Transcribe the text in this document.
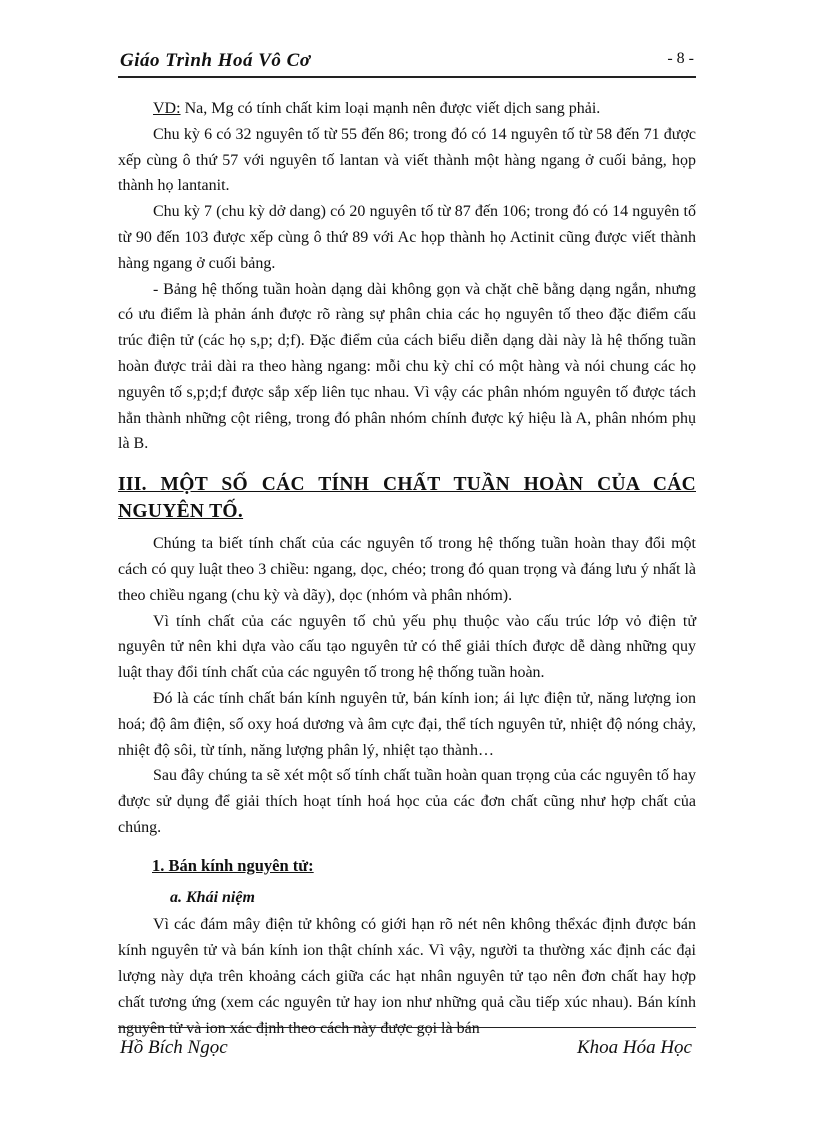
Giáo Trình Hoá Vô Cơ	- 8 -

VD: Na, Mg có tính chất kim loại mạnh nên được viết dịch sang phải.

Chu kỳ 6 có 32 nguyên tố từ 55 đến 86; trong đó có 14 nguyên tố từ 58 đến 71 được xếp cùng ô thứ 57 với nguyên tố lantan và viết thành một hàng ngang ở cuối bảng, họp thành họ lantanit.

Chu kỳ 7 (chu kỳ dở dang) có 20 nguyên tố từ 87 đến 106; trong đó có 14 nguyên tố từ 90 đến 103 được xếp cùng ô thứ 89 với Ac họp thành họ Actinit cũng được viết thành hàng ngang ở cuối bảng.

- Bảng hệ thống tuần hoàn dạng dài không gọn và chặt chẽ bằng dạng ngắn, nhưng có ưu điểm là phản ánh được rõ ràng sự phân chia các họ nguyên tố theo đặc điểm cấu trúc điện tử (các họ s,p; d;f). Đặc điểm của cách biểu diễn dạng dài này là hệ thống tuần hoàn được trải dài ra theo hàng ngang: mỗi chu kỳ chỉ có một hàng và nói chung các họ nguyên tố s,p;d;f được sắp xếp liên tục nhau. Vì vậy các phân nhóm nguyên tố được tách hẳn thành những cột riêng, trong đó phân nhóm chính được ký hiệu là A, phân nhóm phụ là B.

III. MỘT SỐ CÁC TÍNH CHẤT TUẦN HOÀN CỦA CÁC NGUYÊN TỐ.

Chúng ta biết tính chất của các nguyên tố trong hệ thống tuần hoàn thay đổi một cách có quy luật theo 3 chiều: ngang, dọc, chéo; trong đó quan trọng và đáng lưu ý nhất là theo chiều ngang (chu kỳ và dãy), dọc (nhóm và phân nhóm).

Vì tính chất của các nguyên tố chủ yếu phụ thuộc vào cấu trúc lớp vỏ điện tử nguyên tử nên khi dựa vào cấu tạo nguyên tử có thể giải thích được dễ dàng những quy luật thay đổi tính chất của các nguyên tố trong hệ thống tuần hoàn.

Đó là các tính chất bán kính nguyên tử, bán kính ion; ái lực điện tử, năng lượng ion hoá; độ âm điện, số oxy hoá dương và âm cực đại, thể tích nguyên tử, nhiệt độ nóng chảy, nhiệt độ sôi, từ tính, năng lượng phân lý, nhiệt tạo thành…

Sau đây chúng ta sẽ xét một số tính chất tuần hoàn quan trọng của các nguyên tố hay được sử dụng để giải thích hoạt tính hoá học của các đơn chất cũng như hợp chất của chúng.

1. Bán kính nguyên tử:
a. Khái niệm

Vì các đám mây điện tử không có giới hạn rõ nét nên không thểxác định được bán kính nguyên tử và bán kính ion thật chính xác. Vì vậy, người ta thường xác định các đại lượng này dựa trên khoảng cách giữa các hạt nhân nguyên tử tạo nên đơn chất hay hợp chất tương ứng (xem các nguyên tử hay ion như những quả cầu tiếp xúc nhau). Bán kính nguyên tử và ion xác định theo cách này được gọi là bán

Hồ Bích Ngọc	Khoa Hóa Học
